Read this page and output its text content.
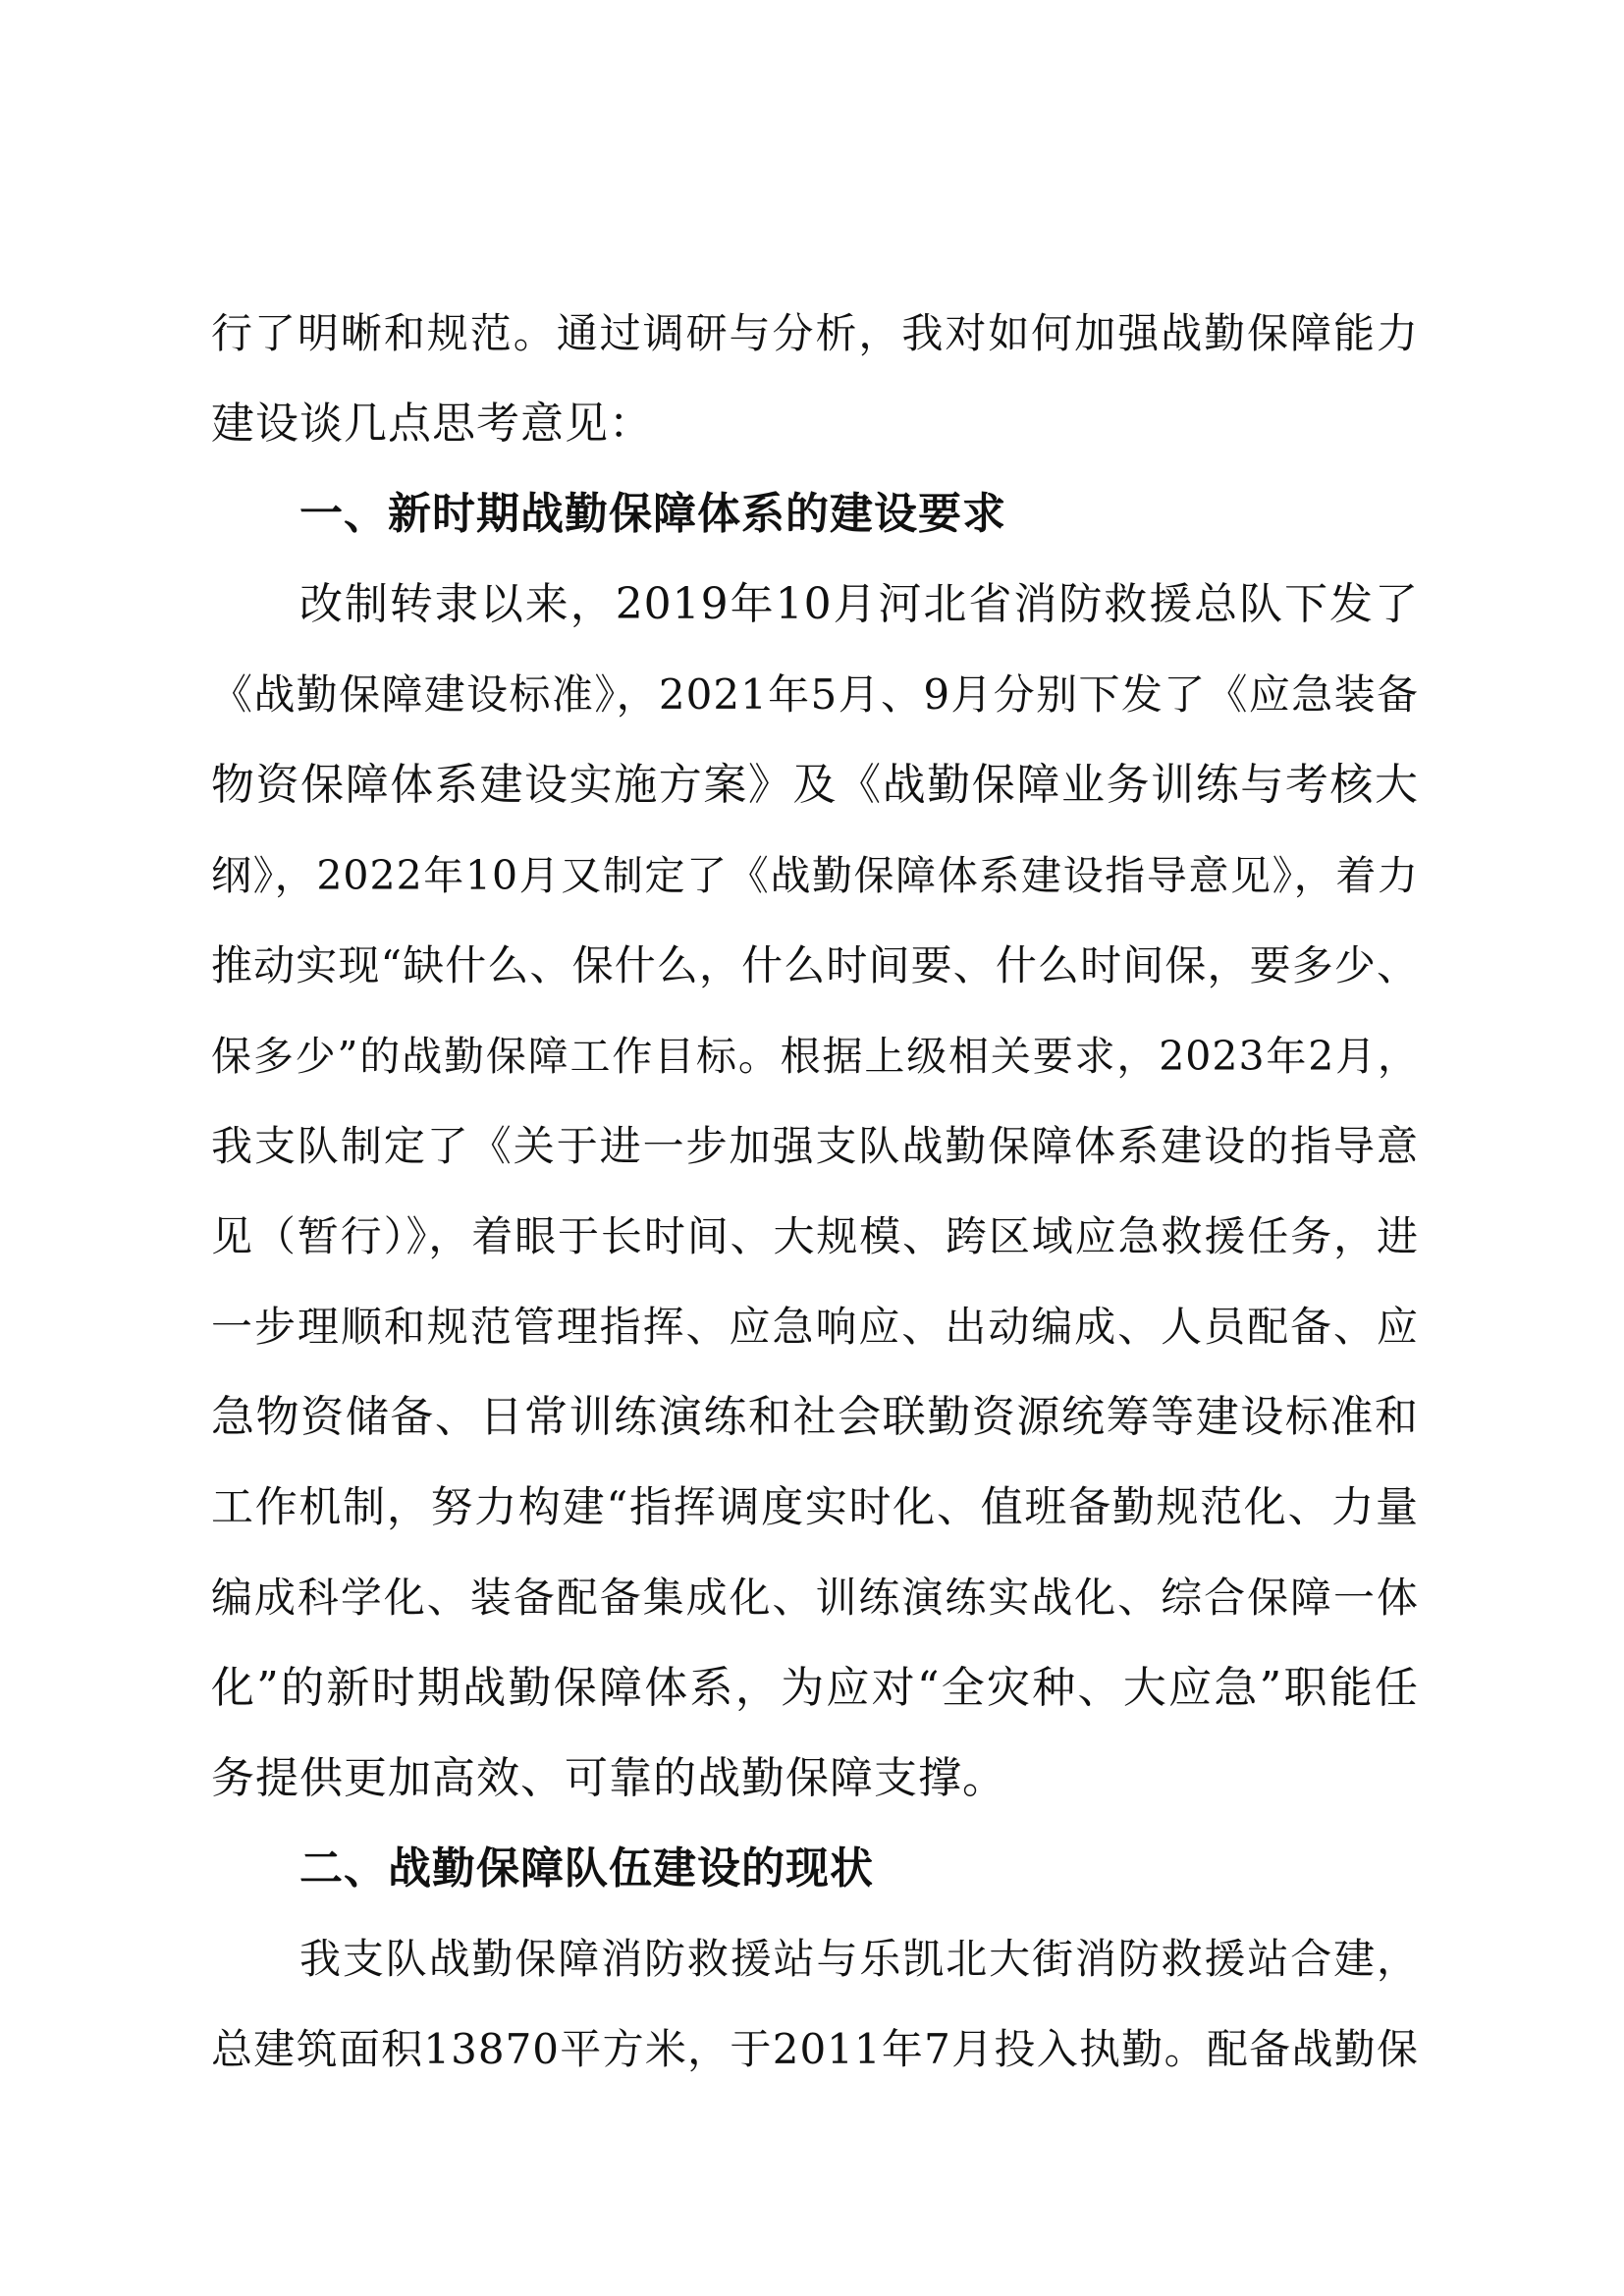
行了明晰和规范。通过调研与分析，我对如何加强战勤保障能力
建设谈几点思考意见：
一、新时期战勤保障体系的建设要求
改制转隶以来，2019年10月河北省消防救援总队下发了
《战勤保障建设标准》，2021年5月、9月分别下发了《应急装备
物资保障体系建设实施方案》及《战勤保障业务训练与考核大
纲》，2022年10月又制定了《战勤保障体系建设指导意见》，着力
推动实现“缺什么、保什么，什么时间要、什么时间保，要多少、
保多少”的战勤保障工作目标。根据上级相关要求，2023年2月，
我支队制定了《关于进一步加强支队战勤保障体系建设的指导意
见（暂行）》，着眼于长时间、大规模、跨区域应急救援任务，进
一步理顺和规范管理指挥、应急响应、出动编成、人员配备、应
急物资储备、日常训练演练和社会联勤资源统筹等建设标准和
工作机制，努力构建“指挥调度实时化、值班备勤规范化、力量
编成科学化、装备配备集成化、训练演练实战化、综合保障一体
化”的新时期战勤保障体系，为应对“全灾种、大应急”职能任
务提供更加高效、可靠的战勤保障支撑。
二、战勤保障队伍建设的现状
我支队战勤保障消防救援站与乐凯北大街消防救援站合建，
总建筑面积13870平方米，于2011年7月投入执勤。配备战勤保
